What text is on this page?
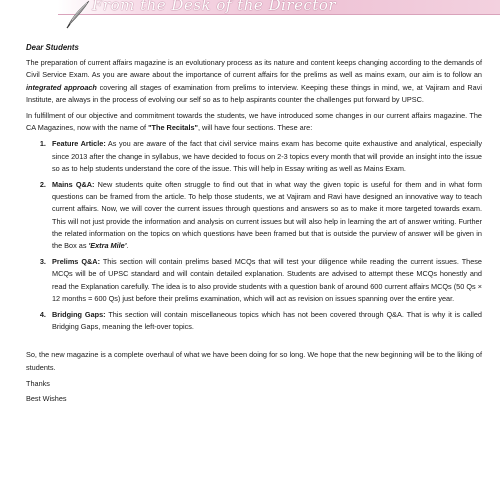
From the Desk of the Director
Dear Students

The preparation of current affairs magazine is an evolutionary process as its nature and content keeps changing according to the demands of Civil Service Exam. As you are aware about the importance of current affairs for the prelims as well as mains exam, our aim is to follow an integrated approach covering all stages of examination from prelims to interview. Keeping these things in mind, we, at Vajiram and Ravi Institute, are always in the process of evolving our self so as to help aspirants counter the challenges put forward by UPSC.

In fulfillment of our objective and commitment towards the students, we have introduced some changes in our current affairs magazine. The CA Magazines, now with the name of "The Recitals", will have four sections. These are:

1. Feature Article: As you are aware of the fact that civil service mains exam has become quite exhaustive and analytical, especially since 2013 after the change in syllabus, we have decided to focus on 2-3 topics every month that will provide an insight into the issue so as to help students understand the core of the issue. This will help in Essay writing as well as Mains Exam.
2. Mains Q&A: New students quite often struggle to find out that in what way the given topic is useful for them and in what form questions can be framed from the article. To help those students, we at Vajiram and Ravi have designed an innovative way to teach current affairs. Now, we will cover the current issues through questions and answers so as to make it more targeted towards exam. This will not just provide the information and analysis on current issues but will also help in learning the art of answer writing. Further the related information on the topics on which questions have been framed but that is outside the purview of answer will be given in the Box as 'Extra Mile'.
3. Prelims Q&A: This section will contain prelims based MCQs that will test your diligence while reading the current issues. These MCQs will be of UPSC standard and will contain detailed explanation. Students are advised to attempt these MCQs honestly and read the Explanation carefully. The idea is to also provide students with a question bank of around 600 current affairs MCQs (50 Qs × 12 months = 600 Qs) just before their prelims examination, which will act as revision on issues spanning over the entire year.
4. Bridging Gaps: This section will contain miscellaneous topics which has not been covered through Q&A. That is why it is called Bridging Gaps, meaning the left-over topics.

So, the new magazine is a complete overhaul of what we have been doing for so long. We hope that the new beginning will be to the liking of students.

Thanks
Best Wishes
